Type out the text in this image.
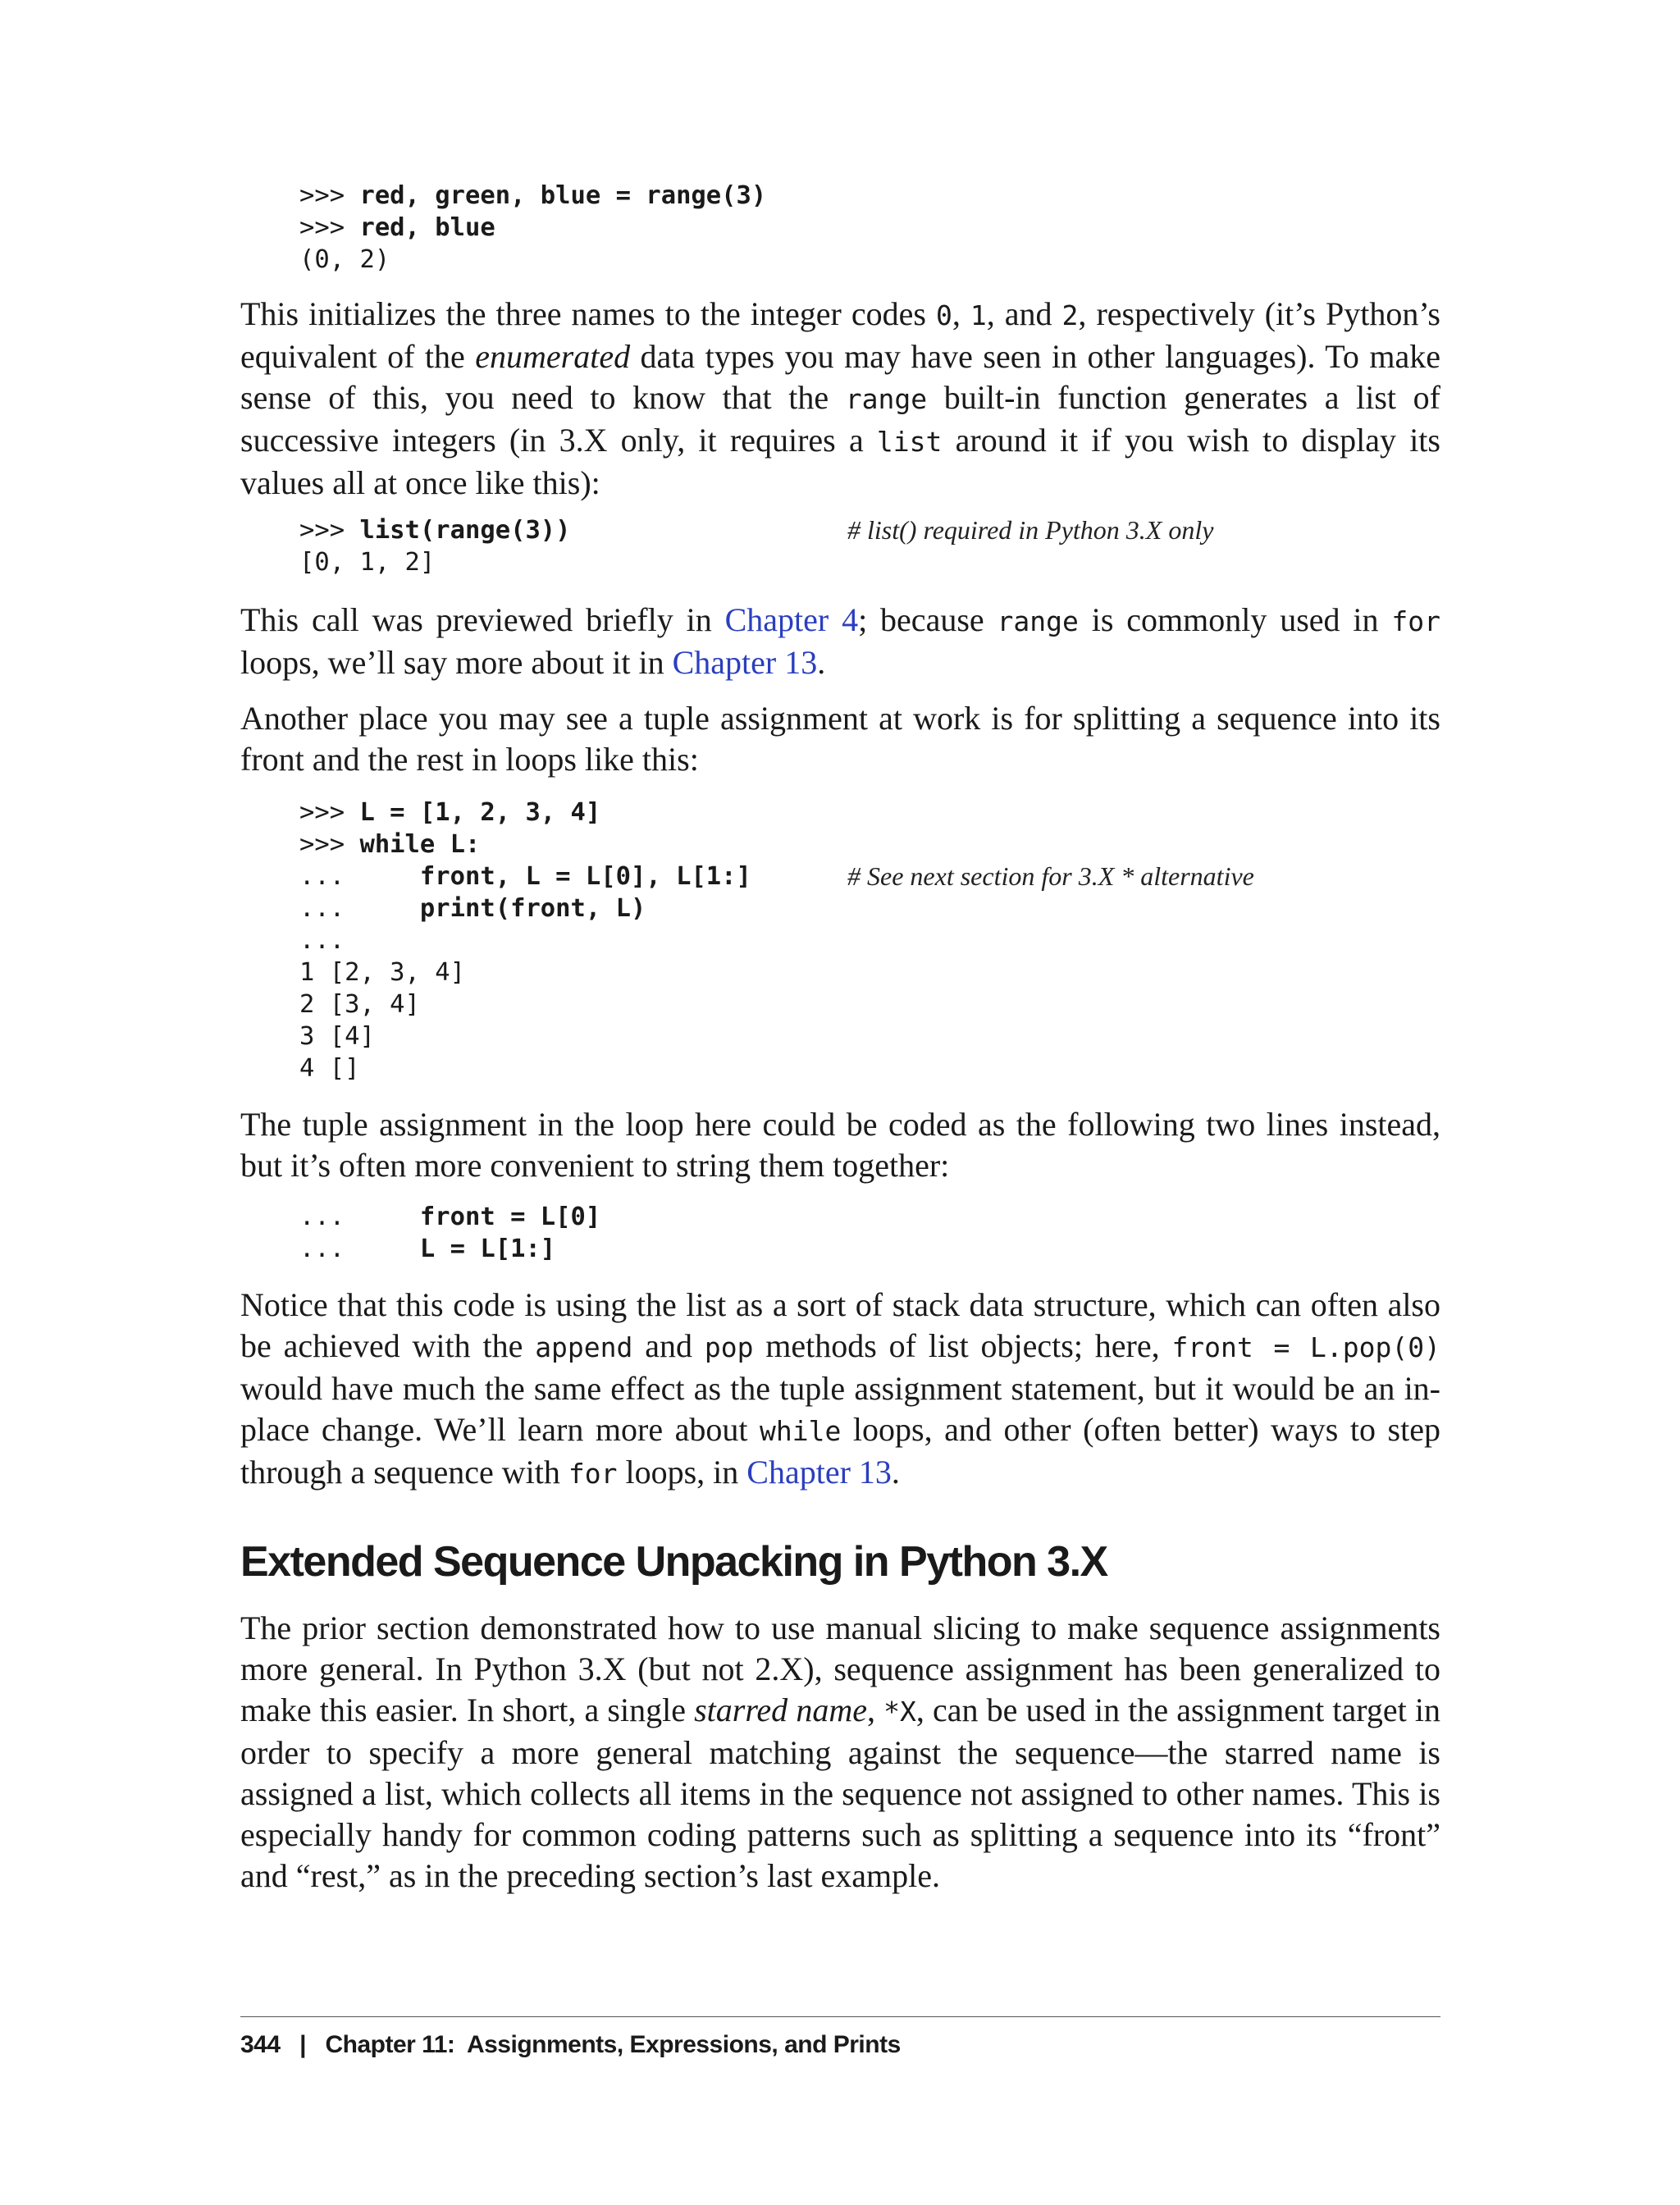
>>> red, green, blue = range(3)
>>> red, blue
(0, 2)

This initializes the three names to the integer codes 0, 1, and 2, respectively (it’s Python’s equivalent of the enumerated data types you may have seen in other languages). To make sense of this, you need to know that the range built-in function generates a list of successive integers (in 3.X only, it requires a list around it if you wish to display its values all at once like this):

>>> list(range(3))	# list() required in Python 3.X only
[0, 1, 2]

This call was previewed briefly in Chapter 4; because range is commonly used in for loops, we’ll say more about it in Chapter 13.

Another place you may see a tuple assignment at work is for splitting a sequence into its front and the rest in loops like this:

>>> L = [1, 2, 3, 4]
>>> while L:
...     front, L = L[0], L[1:]	# See next section for 3.X * alternative
...     print(front, L)
...
1 [2, 3, 4]
2 [3, 4]
3 [4]
4 []

The tuple assignment in the loop here could be coded as the following two lines instead, but it’s often more convenient to string them together:

...     front = L[0]
...     L = L[1:]

Notice that this code is using the list as a sort of stack data structure, which can often also be achieved with the append and pop methods of list objects; here, front = L.pop(0) would have much the same effect as the tuple assignment statement, but it would be an in-place change. We’ll learn more about while loops, and other (often better) ways to step through a sequence with for loops, in Chapter 13.

Extended Sequence Unpacking in Python 3.X

The prior section demonstrated how to use manual slicing to make sequence assignments more general. In Python 3.X (but not 2.X), sequence assignment has been generalized to make this easier. In short, a single starred name, *X, can be used in the assignment target in order to specify a more general matching against the sequence—the starred name is assigned a list, which collects all items in the sequence not assigned to other names. This is especially handy for common coding patterns such as splitting a sequence into its “front” and “rest,” as in the preceding section’s last example.

344 | Chapter 11:  Assignments, Expressions, and Prints
